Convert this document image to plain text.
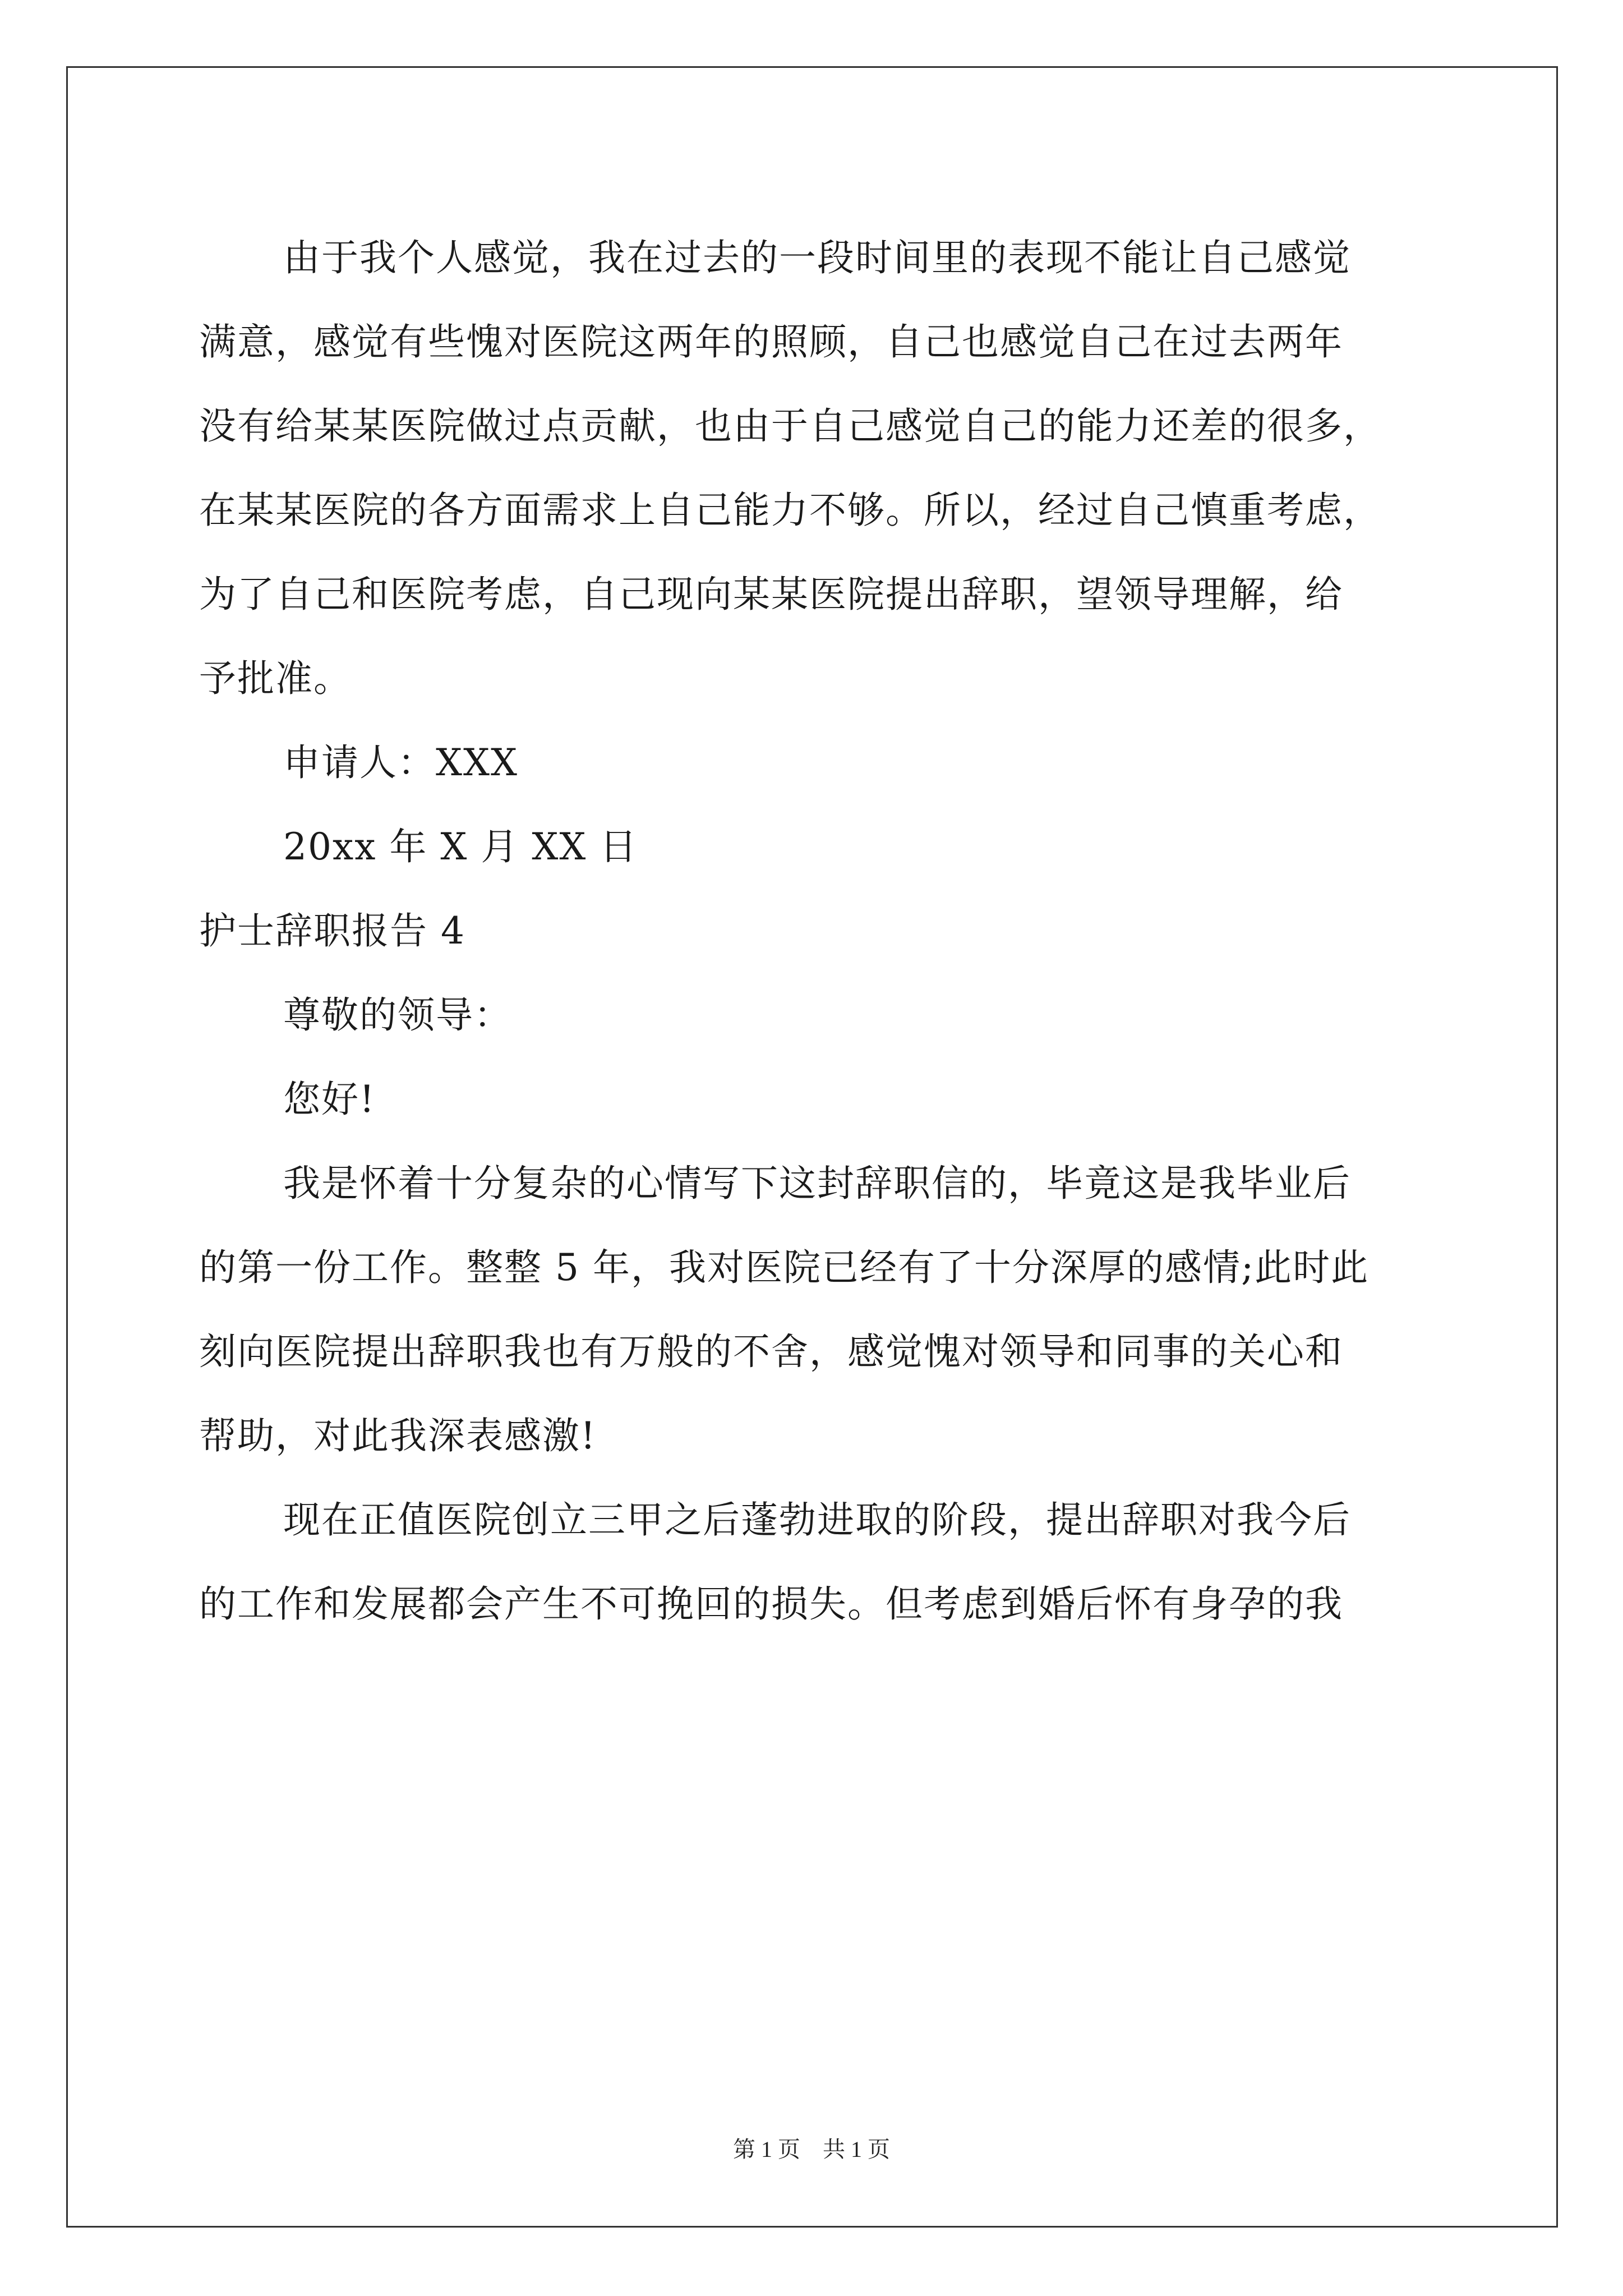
由于我个人感觉，我在过去的一段时间里的表现不能让自己感觉
满意，感觉有些愧对医院这两年的照顾，自己也感觉自己在过去两年
没有给某某医院做过点贡献，也由于自己感觉自己的能力还差的很多，
在某某医院的各方面需求上自己能力不够。所以，经过自己慎重考虑，
为了自己和医院考虑，自己现向某某医院提出辞职，望领导理解，给
予批准。
申请人：XXX
20xx 年 X 月 XX 日
护士辞职报告 4
尊敬的领导：
您好!
我是怀着十分复杂的心情写下这封辞职信的，毕竟这是我毕业后
的第一份工作。整整 5 年，我对医院已经有了十分深厚的感情;此时此
刻向医院提出辞职我也有万般的不舍，感觉愧对领导和同事的关心和
帮助，对此我深表感激!
现在正值医院创立三甲之后蓬勃进取的阶段，提出辞职对我今后
的工作和发展都会产生不可挽回的损失。但考虑到婚后怀有身孕的我
第 1 页　共 1 页
